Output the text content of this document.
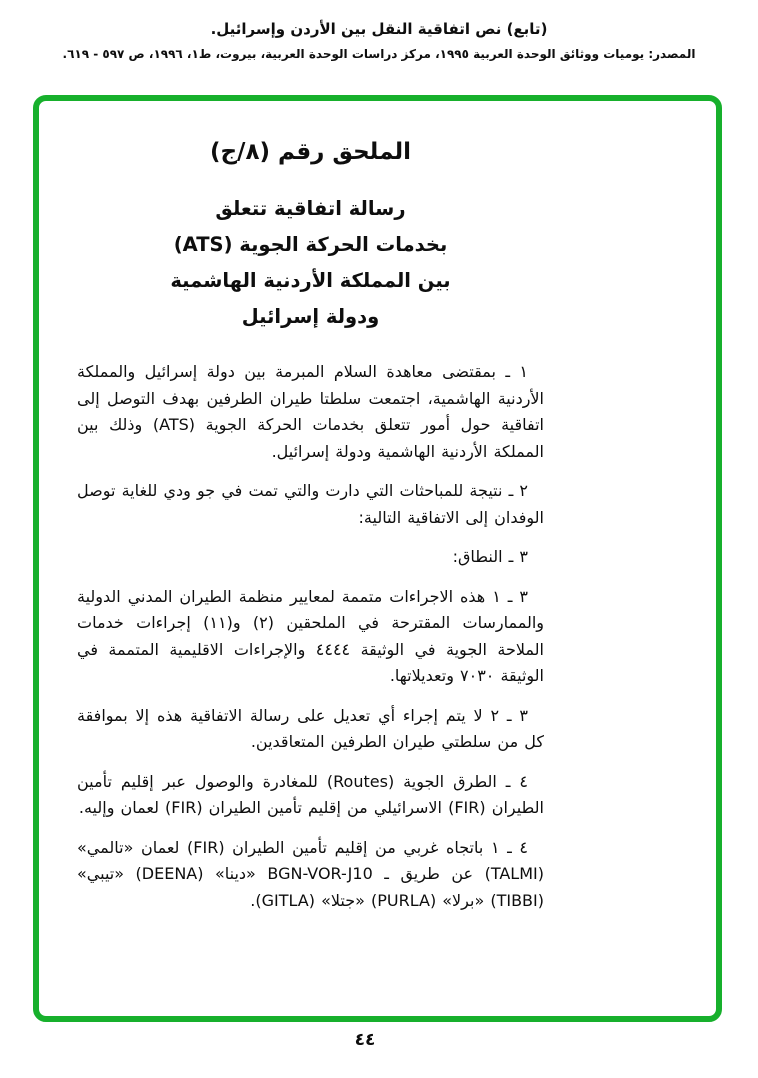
(تابع) نص اتفاقية النقل بين الأردن وإسرائيل.
المصدر: يوميات ووثائق الوحدة العربية ١٩٩٥، مركز دراسات الوحدة العربية، بيروت، ط١، ١٩٩٦، ص ٥٩٧ - ٦١٩.
الملحق رقم (٨/ج)
رسالة اتفاقية تتعلق
بخدمات الحركة الجوية (ATS)
بين المملكة الأردنية الهاشمية
ودولة إسرائيل

١ ـ بمقتضى معاهدة السلام المبرمة بين دولة إسرائيل والمملكة الأردنية الهاشمية، اجتمعت سلطتا طيران الطرفين بهدف التوصل إلى اتفاقية حول أمور تتعلق بخدمات الحركة الجوية (ATS) وذلك بين المملكة الأردنية الهاشمية ودولة إسرائيل.

٢ ـ نتيجة للمباحثات التي دارت والتي تمت في جو ودي للغاية توصل الوفدان إلى الاتفاقية التالية:

٣ ـ النطاق:

٣ ـ ١ هذه الاجراءات متممة لمعايير منظمة الطيران المدني الدولية والممارسات المقترحة في الملحقين (٢) و(١١) إجراءات خدمات الملاحة الجوية في الوثيقة ٤٤٤٤ والإجراءات الاقليمية المتممة في الوثيقة ٧٠٣٠ وتعديلاتها.

٣ ـ ٢ لا يتم إجراء أي تعديل على رسالة الاتفاقية هذه إلا بموافقة كل من سلطتي طيران الطرفين المتعاقدين.

٤ ـ الطرق الجوية (Routes) للمغادرة والوصول عبر إقليم تأمين الطيران (FIR) الاسرائيلي من إقليم تأمين الطيران (FIR) لعمان وإليه.

٤ ـ ١ باتجاه غربي من إقليم تأمين الطيران (FIR) لعمان «تالمي» (TALMI) عن طريق ـ BGN-VOR-J10 «دينا» (DEENA) «تيبي» (TIBBI) «برلا» (PURLA) «جتلا» (GITLA).

٤٤
